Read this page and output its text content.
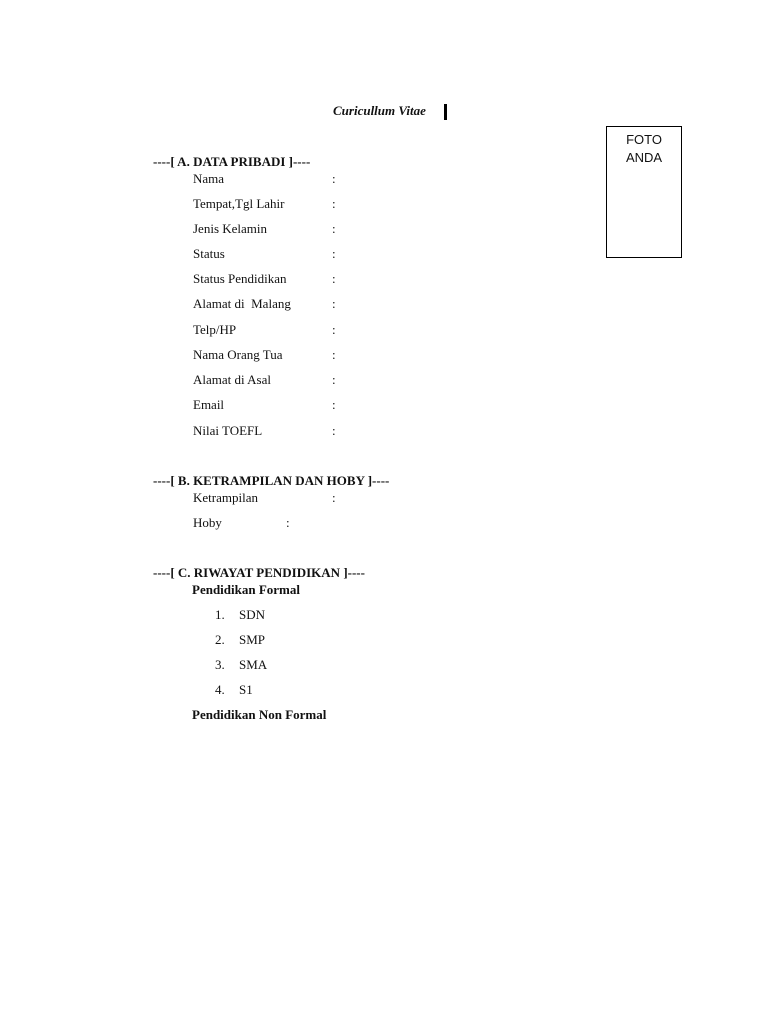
Curicullum Vitae
FOTO
ANDA
----[ A. DATA PRIBADI ]----
Nama	:
Tempat,Tgl Lahir	:
Jenis Kelamin	:
Status	:
Status Pendidikan	:
Alamat di  Malang	:
Telp/HP	:
Nama Orang Tua	:
Alamat di Asal	:
Email	:
Nilai TOEFL	:
----[ B. KETRAMPILAN DAN HOBY ]----
Ketrampilan	:
Hoby	:
----[ C. RIWAYAT PENDIDIKAN ]----
Pendidikan Formal
1. SDN
2. SMP
3. SMA
4. S1
Pendidikan Non Formal
